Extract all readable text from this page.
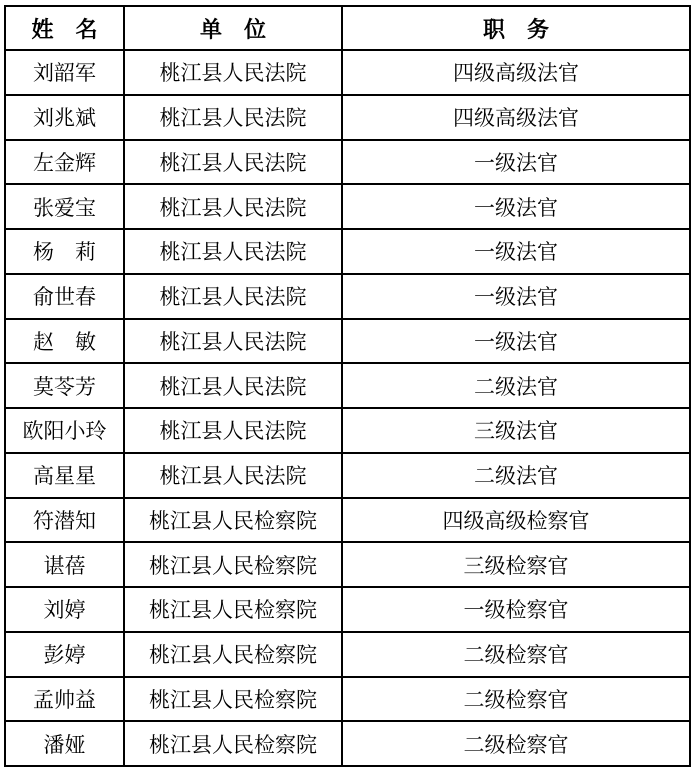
姓　名	单　位	职　务
刘韶军	桃江县人民法院	四级高级法官
刘兆斌	桃江县人民法院	四级高级法官
左金辉	桃江县人民法院	一级法官
张爱宝	桃江县人民法院	一级法官
杨　莉	桃江县人民法院	一级法官
俞世春	桃江县人民法院	一级法官
赵　敏	桃江县人民法院	一级法官
莫苓芳	桃江县人民法院	二级法官
欧阳小玲	桃江县人民法院	三级法官
高星星	桃江县人民法院	二级法官
符潜知	桃江县人民检察院	四级高级检察官
谌蓓	桃江县人民检察院	三级检察官
刘婷	桃江县人民检察院	一级检察官
彭婷	桃江县人民检察院	二级检察官
孟帅益	桃江县人民检察院	二级检察官
潘娅	桃江县人民检察院	二级检察官
